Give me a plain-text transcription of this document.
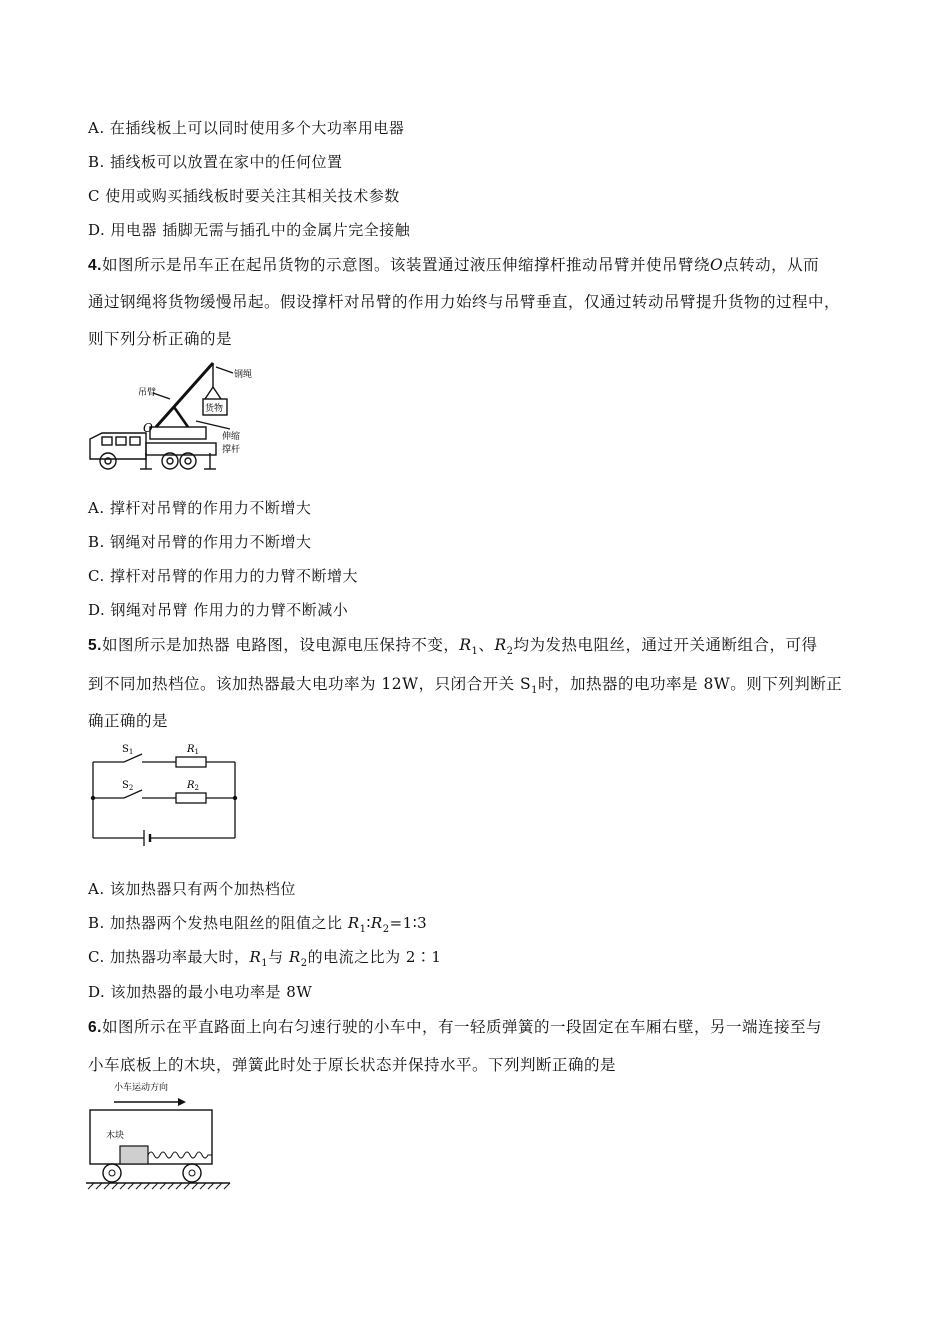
A. 在插线板上可以同时使用多个大功率用电器
B. 插线板可以放置在家中的任何位置
C 使用或购买插线板时要关注其相关技术参数
D. 用电器 插脚无需与插孔中的金属片完全接触
4.如图所示是吊车正在起吊货物的示意图。该装置通过液压伸缩撑杆推动吊臂并使吊臂绕O点转动，从而
通过钢绳将货物缓慢吊起。假设撑杆对吊臂的作用力始终与吊臂垂直，仅通过转动吊臂提升货物的过程中，
则下列分析正确的是
钢绳
吊臂
货物
O
伸缩
撑杆
A. 撑杆对吊臂的作用力不断增大
B. 钢绳对吊臂的作用力不断增大
C. 撑杆对吊臂的作用力的力臂不断增大
D. 钢绳对吊臂 作用力的力臂不断减小
5.如图所示是加热器 电路图，设电源电压保持不变，$R_1$、$R_2$均为发热电阻丝，通过开关通断组合，可得
到不同加热档位。该加热器最大电功率为 12W，只闭合开关 $S_1$时，加热器的电功率是 8W。则下列判断正
确正确的是
$S_1$
$S_2$
$R_1$
$R_2$
A. 该加热器只有两个加热档位
B. 加热器两个发热电阻丝的阻值之比 $R_1∶R_2=1∶3$
C. 加热器功率最大时，$R_1$与 $R_2$的电流之比为 2∶1
D. 该加热器的最小电功率是 8W
6.如图所示在平直路面上向右匀速行驶的小车中，有一轻质弹簧的一段固定在车厢右壁，另一端连接至与
小车底板上的木块，弹簧此时处于原长状态并保持水平。下列判断正确的是
小车运动方向
木块
